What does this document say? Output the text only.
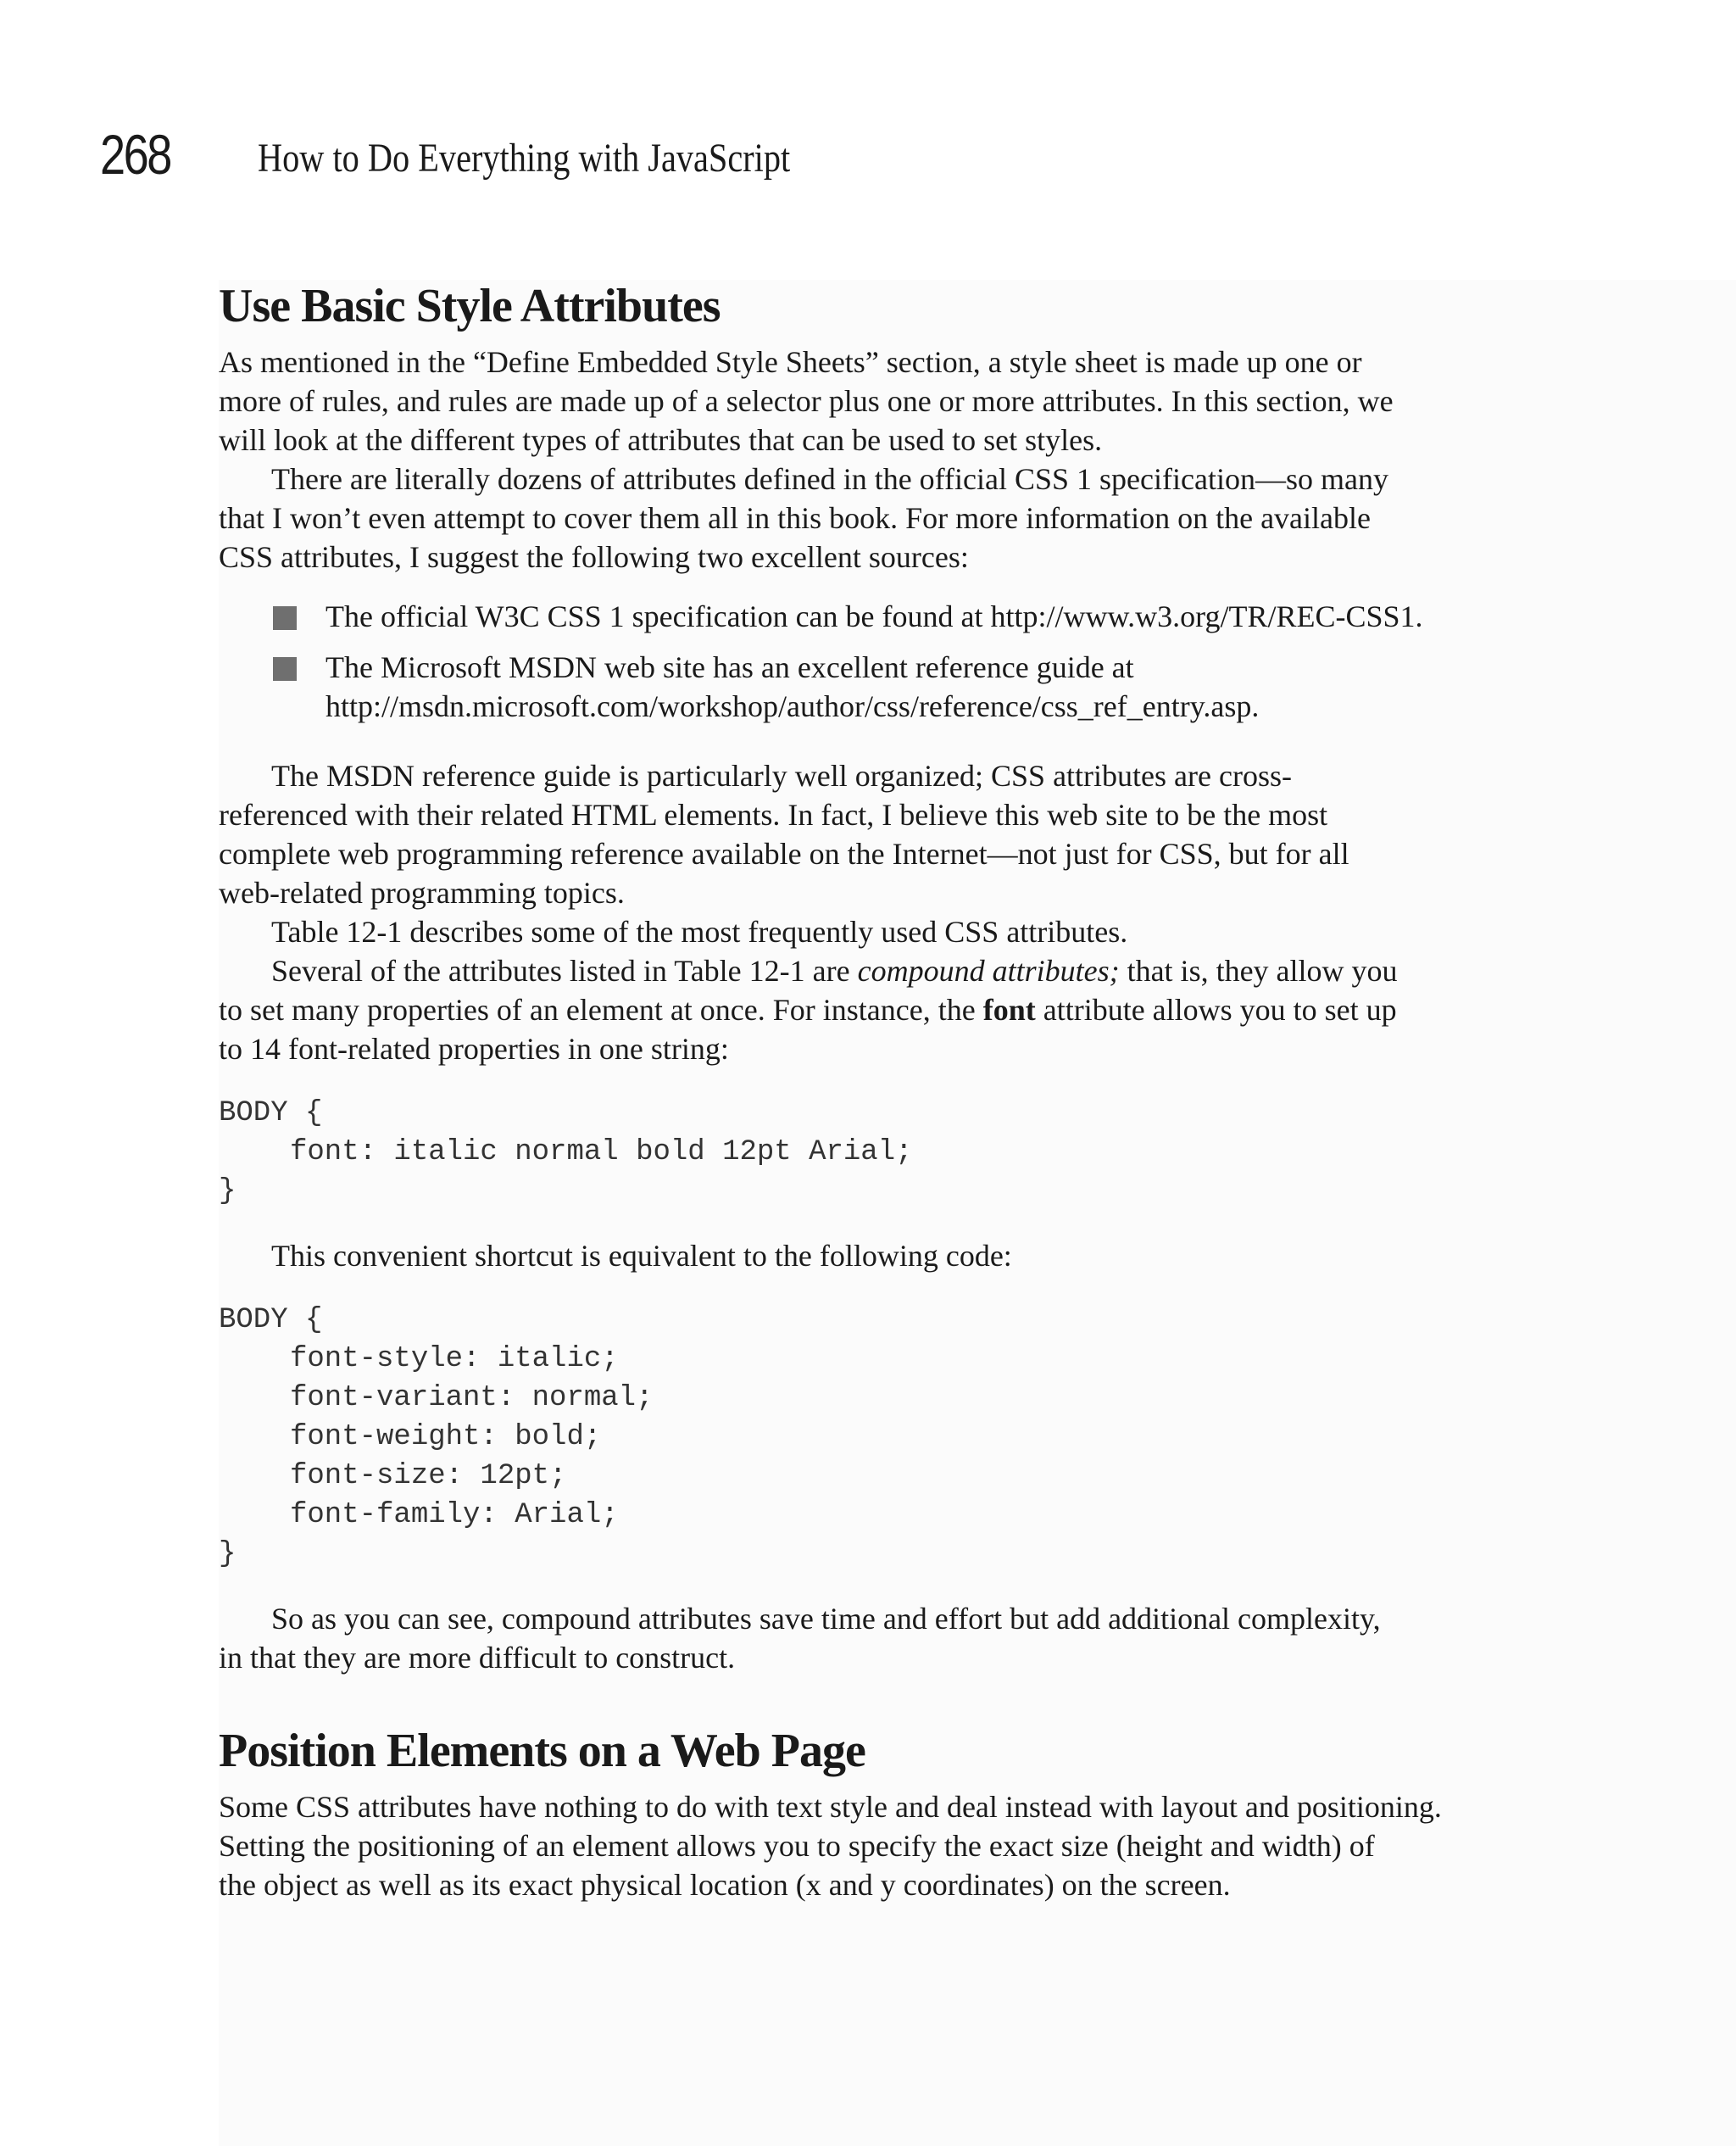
268 How to Do Everything with JavaScript
Use Basic Style Attributes

As mentioned in the “Define Embedded Style Sheets” section, a style sheet is made up one or

more of rules, and rules are made up of a selector plus one or more attributes. In this section, we

will look at the different types of attributes that can be used to set styles.

There are literally dozens of attributes defined in the official CSS 1 specification—so many

that I won’t even attempt to cover them all in this book. For more information on the available

CSS attributes, I suggest the following two excellent sources:

The official W3C CSS 1 specification can be found at http://www.w3.org/TR/REC-CSS1.
The Microsoft MSDN web site has an excellent reference guide at
http://msdn.microsoft.com/workshop/author/css/reference/css_ref_entry.asp.

The MSDN reference guide is particularly well organized; CSS attributes are cross-

referenced with their related HTML elements. In fact, I believe this web site to be the most

complete web programming reference available on the Internet—not just for CSS, but for all

web-related programming topics.

Table 12-1 describes some of the most frequently used CSS attributes.

Several of the attributes listed in Table 12-1 are compound attributes; that is, they allow you

to set many properties of an element at once. For instance, the font attribute allows you to set up

to 14 font-related properties in one string:

BODY {
font: italic normal bold 12pt Arial;
}

This convenient shortcut is equivalent to the following code:

BODY {
font-style: italic;
font-variant: normal;
font-weight: bold;
font-size: 12pt;
font-family: Arial;
}

So as you can see, compound attributes save time and effort but add additional complexity,

in that they are more difficult to construct.

Position Elements on a Web Page

Some CSS attributes have nothing to do with text style and deal instead with layout and positioning.

Setting the positioning of an element allows you to specify the exact size (height and width) of

the object as well as its exact physical location (x and y coordinates) on the screen.
